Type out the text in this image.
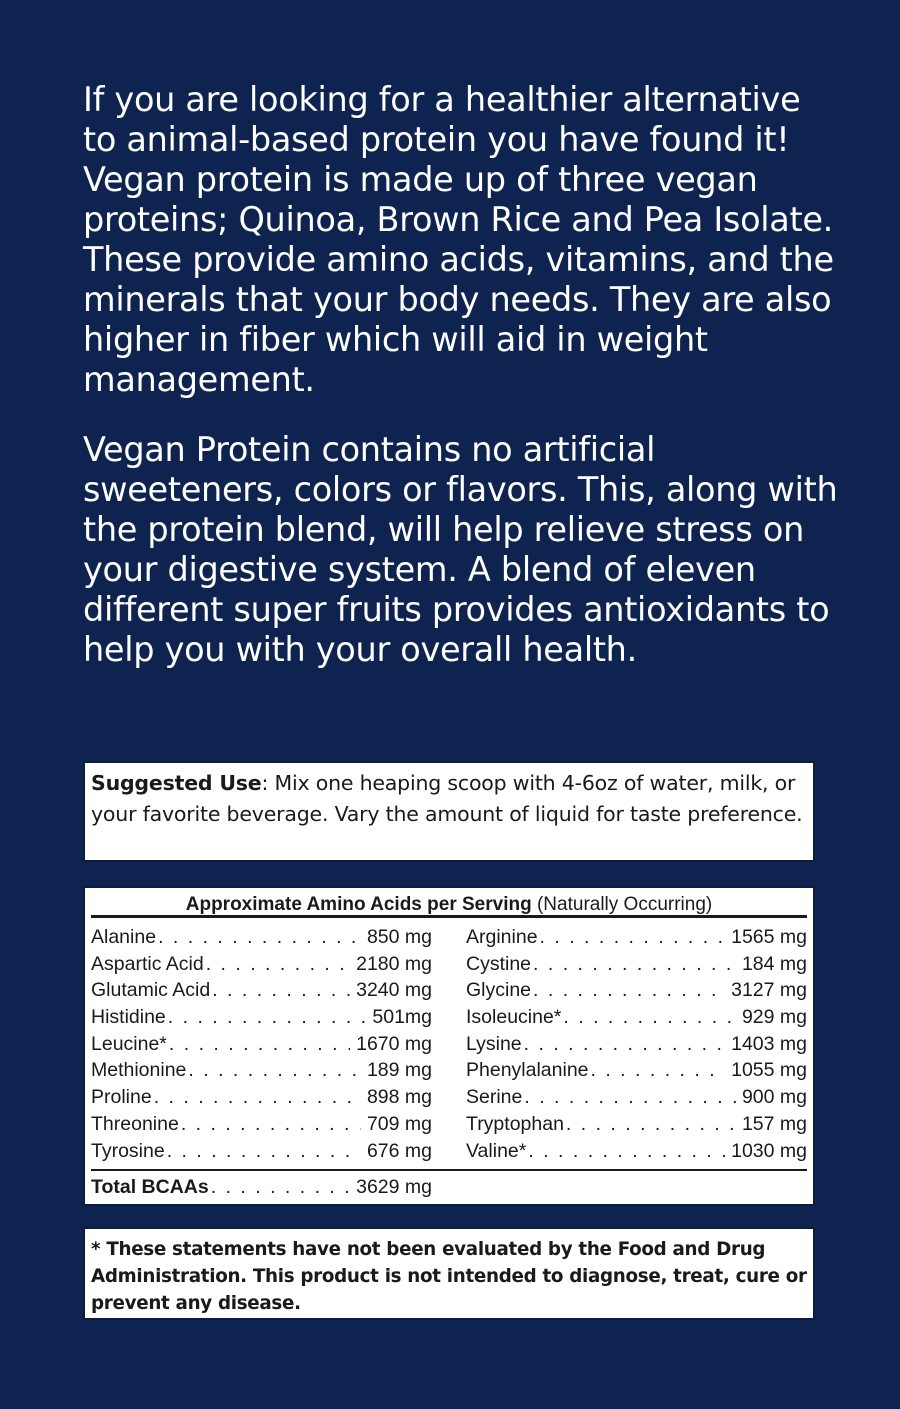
If you are looking for a healthier alternative to animal-based protein you have found it! Vegan protein is made up of three vegan proteins; Quinoa, Brown Rice and Pea Isolate. These provide amino acids, vitamins, and the minerals that your body needs. They are also higher in fiber which will aid in weight management.

Vegan Protein contains no artificial sweeteners, colors or flavors. This, along with the protein blend, will help relieve stress on your digestive system. A blend of eleven different super fruits provides antioxidants to help you with your overall health.

Suggested Use: Mix one heaping scoop with 4-6oz of water, milk, or your favorite beverage. Vary the amount of liquid for taste preference.
Approximate Amino Acids per Serving (Naturally Occurring)
Alanine . . .	850 mg
Aspartic Acid . . .	2180 mg
Glutamic Acid . . .	3240 mg
Histidine . . .	501mg
Leucine* . . .	1670 mg
Methionine . . .	189 mg
Proline . . .	898 mg
Threonine . . .	709 mg
Tyrosine . . .	676 mg
Arginine . . .	1565 mg
Cystine . . .	184 mg
Glycine . . .	3127 mg
Isoleucine* . . .	929 mg
Lysine . . .	1403 mg
Phenylalanine . . .	1055 mg
Serine . . .	900 mg
Tryptophan . . .	157 mg
Valine* . . .	1030 mg
Total BCAAs . . .	3629 mg
* These statements have not been evaluated by the Food and Drug Administration. This product is not intended to diagnose, treat, cure or prevent any disease.
